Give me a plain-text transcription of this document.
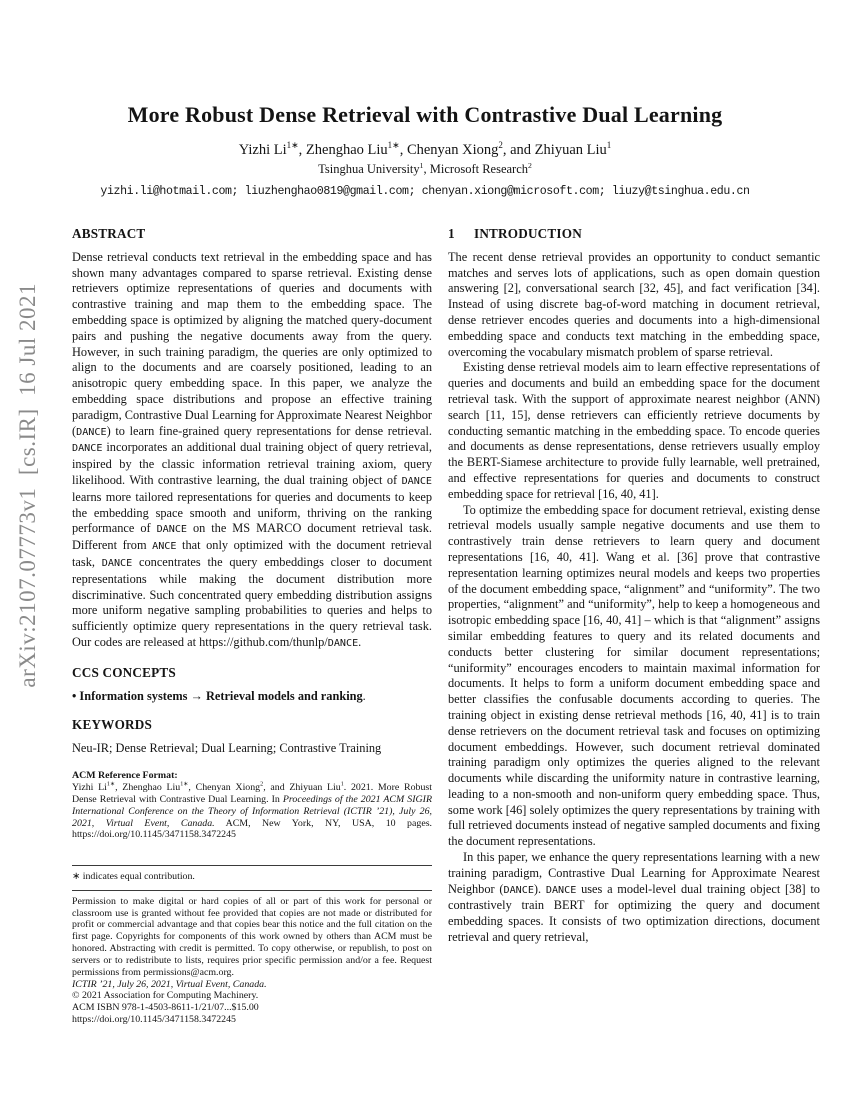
arXiv:2107.07773v1  [cs.IR]  16 Jul 2021
More Robust Dense Retrieval with Contrastive Dual Learning
Yizhi $Li^{1∗}$, Zhenghao Liu$^{1∗}$, Chenyan Xiong$^2$, and Zhiyuan Liu$^1$
Tsinghua University$^1$, Microsoft Research$^2$
yizhi.li@hotmail.com; liuzhenghao0819@gmail.com; chenyan.xiong@microsoft.com; liuzy@tsinghua.edu.cn
ABSTRACT

Dense retrieval conducts text retrieval in the embedding space and has shown many advantages compared to sparse retrieval. Existing dense retrievers optimize representations of queries and documents with contrastive training and map them to the embedding space. The embedding space is optimized by aligning the matched query-document pairs and pushing the negative documents away from the query. However, in such training paradigm, the queries are only optimized to align to the documents and are coarsely positioned, leading to an anisotropic query embedding space. In this paper, we analyze the embedding space distributions and propose an effective training paradigm, Contrastive Dual Learning for Approximate Nearest Neighbor (DANCE) to learn fine-grained query representations for dense retrieval. DANCE incorporates an additional dual training object of query retrieval, inspired by the classic information retrieval training axiom, query likelihood. With contrastive learning, the dual training object of DANCE learns more tailored representations for queries and documents to keep the embedding space smooth and uniform, thriving on the ranking performance of DANCE on the MS MARCO document retrieval task. Different from ANCE that only optimized with the document retrieval task, DANCE concentrates the query embeddings closer to document representations while making the document distribution more discriminative. Such concentrated query embedding distribution assigns more uniform negative sampling probabilities to queries and helps to sufficiently optimize query representations in the query retrieval task. Our codes are released at https://github.com/thunlp/DANCE.

CCS CONCEPTS

• Information systems → Retrieval models and ranking.

KEYWORDS

Neu-IR; Dense Retrieval; Dual Learning; Contrastive Training

ACM Reference Format:

Yizhi $Li^{1∗}$, Zhenghao Liu$^{1∗}$, Chenyan Xiong$^2$, and Zhiyuan Liu$^1$. 2021. More Robust Dense Retrieval with Contrastive Dual Learning. In Proceedings of the 2021 ACM SIGIR International Conference on the Theory of Information Retrieval (ICTIR ’21), July 26, 2021, Virtual Event, Canada. ACM, New York, NY, USA, 10 pages. https://doi.org/10.1145/3471158.3472245

∗ indicates equal contribution.

Permission to make digital or hard copies of all or part of this work for personal or classroom use is granted without fee provided that copies are not made or distributed for profit or commercial advantage and that copies bear this notice and the full citation on the first page. Copyrights for components of this work owned by others than ACM must be honored. Abstracting with credit is permitted. To copy otherwise, or republish, to post on servers or to redistribute to lists, requires prior specific permission and/or a fee. Request permissions from permissions@acm.org.

ICTIR ’21, July 26, 2021, Virtual Event, Canada.
© 2021 Association for Computing Machinery.
ACM ISBN 978-1-4503-8611-1/21/07...$15.00
https://doi.org/10.1145/3471158.3472245
1 INTRODUCTION

The recent dense retrieval provides an opportunity to conduct semantic matches and serves lots of applications, such as open domain question answering [2], conversational search [32, 45], and fact verification [34]. Instead of using discrete bag-of-word matching in document retrieval, dense retriever encodes queries and documents into a high-dimensional embedding space and conducts text matching in the embedding space, overcoming the vocabulary mismatch problem of sparse retrieval.

Existing dense retrieval models aim to learn effective representations of queries and documents and build an embedding space for the document retrieval task. With the support of approximate nearest neighbor (ANN) search [11, 15], dense retrievers can efficiently retrieve documents by conducting semantic matching in the embedding space. To encode queries and documents as dense representations, dense retrievers usually employ the BERT-Siamese architecture to provide fully learnable, well pretrained, and effective representations for queries and documents to construct embedding space for retrieval [16, 40, 41].

To optimize the embedding space for document retrieval, existing dense retrieval models usually sample negative documents and use them to contrastively train dense retrievers to learn query and document representations [16, 40, 41]. Wang et al. [36] prove that contrastive representation learning optimizes neural models and keeps two properties of the document embedding space, “alignment” and “uniformity”. The two properties, “alignment” and “uniformity”, help to keep a homogeneous and isotropic embedding space [16, 40, 41] – which is that “alignment” assigns similar embedding features to query and its related documents and conducts better clustering for similar document representations; “uniformity” encourages encoders to maintain maximal information for documents. It helps to form a uniform document embedding space and better classifies the confusable documents according to queries. The training object in existing dense retrieval methods [16, 40, 41] is to train dense retrievers on the document retrieval task and focuses on optimizing document embeddings. However, such document retrieval dominated training paradigm only optimizes the queries aligned to the relevant documents while discarding the uniformity nature in contrastive learning, leading to a non-smooth and non-uniform query embedding space. Thus, some work [46] solely optimizes the query representations by training with full retrieved documents instead of negative sampled documents and fixing the document representations.

In this paper, we enhance the query representations learning with a new training paradigm, Contrastive Dual Learning for Approximate Nearest Neighbor (DANCE). DANCE uses a model-level dual training object [38] to contrastively train BERT for optimizing the query and document embedding spaces. It consists of two optimization directions, document retrieval and query retrieval,
